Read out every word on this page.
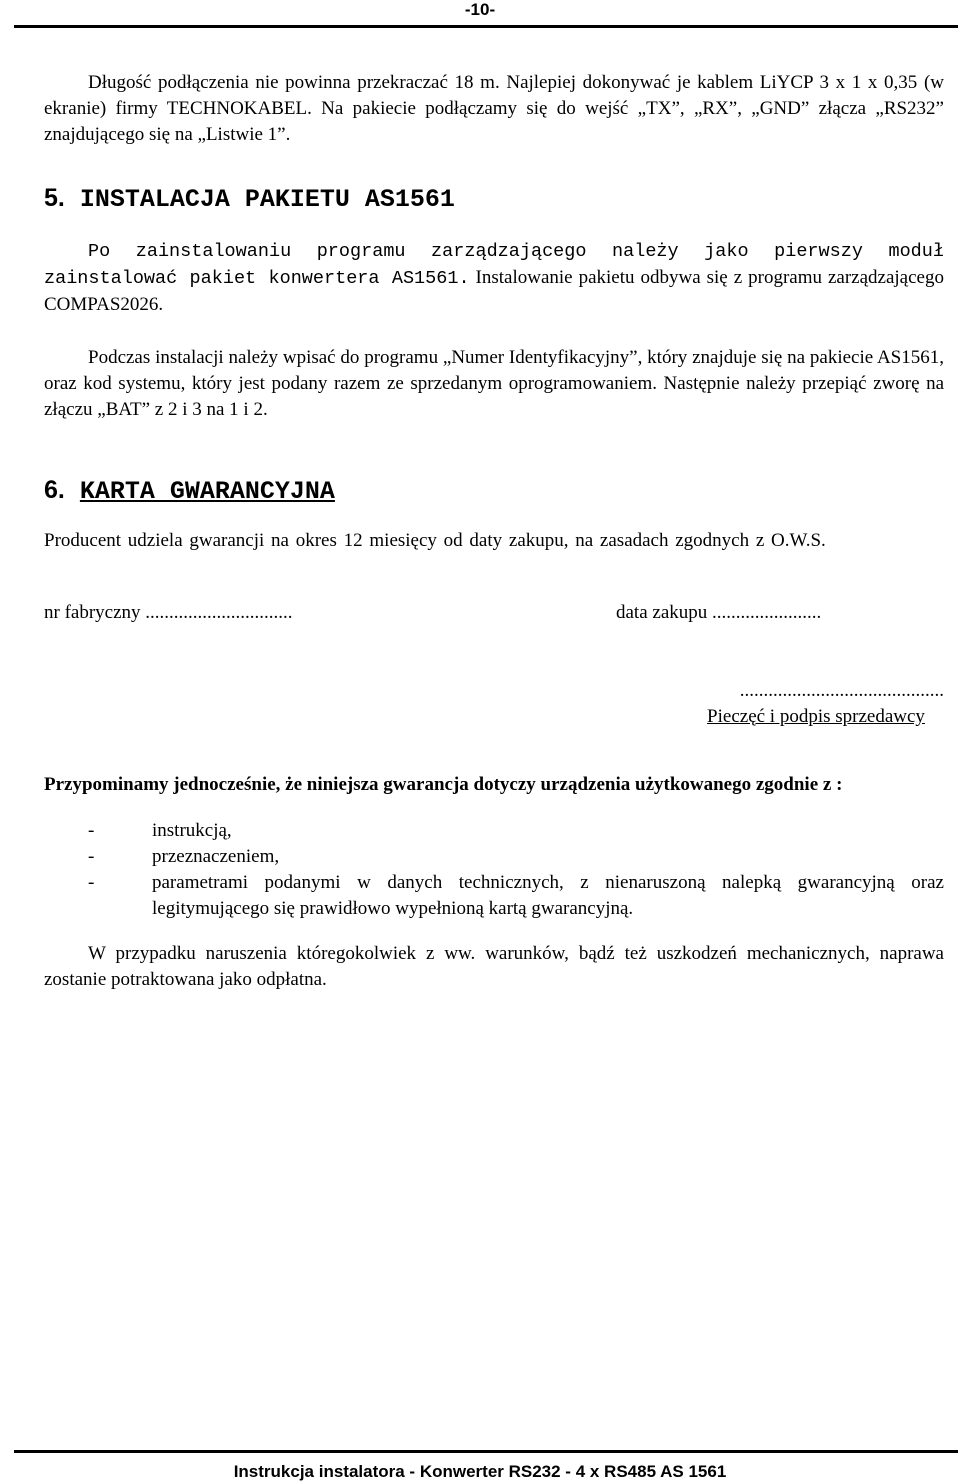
-10-

Długość podłączenia nie powinna przekraczać 18 m. Najlepiej dokonywać je kablem LiYCP 3 x 1 x 0,35 (w ekranie) firmy TECHNOKABEL. Na pakiecie podłączamy się do wejść „TX”, „RX”, „GND” złącza „RS232” znajdującego się na „Listwie 1”.

5. INSTALACJA PAKIETU AS1561

Po zainstalowaniu programu zarządzającego należy jako pierwszy moduł zainstalować pakiet konwertera AS1561. Instalowanie pakietu odbywa się z programu zarządzającego COMPAS2026.

Podczas instalacji należy wpisać do programu „Numer Identyfikacyjny”, który znajduje się na pakiecie AS1561, oraz kod systemu, który jest podany razem ze sprzedanym oprogramowaniem. Następnie należy przepiąć zworę na złączu „BAT” z 2 i 3 na 1 i 2.

6. KARTA GWARANCYJNA

Producent udziela gwarancji na okres 12 miesięcy od daty zakupu, na zasadach zgodnych z O.W.S.

nr fabryczny ...............................	data zakupu .......................
...........................................
Pieczęć i podpis sprzedawcy

Przypominamy jednocześnie, że niniejsza gwarancja dotyczy urządzenia użytkowanego zgodnie z :

-	instrukcją,
-	przeznaczeniem,
-	parametrami podanymi w danych technicznych, z nienaruszoną nalepką gwarancyjną oraz legitymującego się prawidłowo wypełnioną kartą gwarancyjną.

W przypadku naruszenia któregokolwiek z ww. warunków, bądź też uszkodzeń mechanicznych, naprawa zostanie potraktowana jako odpłatna.

Instrukcja instalatora - Konwerter RS232 - 4 x RS485 AS 1561
